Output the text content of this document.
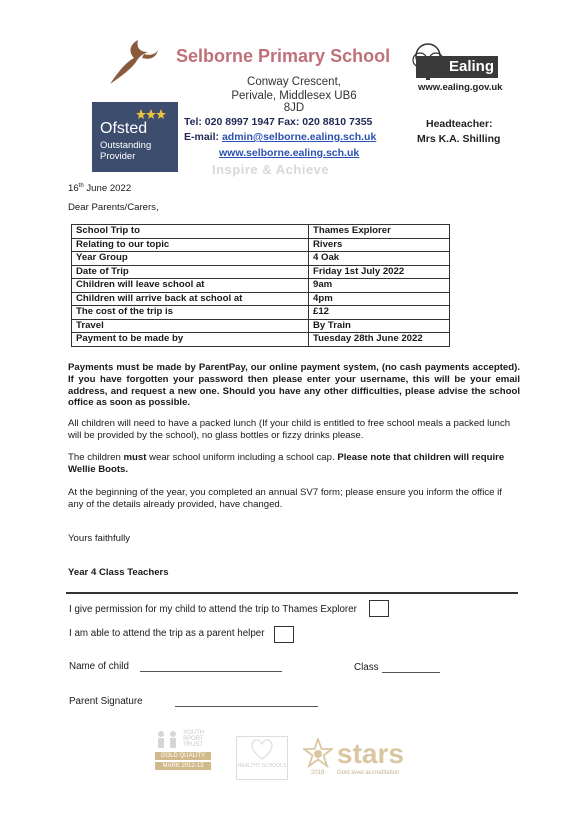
Selborne Primary School
Conway Crescent,
Perivale, Middlesex UB6 8JD
Ofsted
Outstanding
Provider
Tel: 020 8997 1947 Fax: 020 8810 7355
E-mail: admin@selborne.ealing.sch.uk
www.selborne.ealing.sch.uk
Inspire & Achieve
Ealing
www.ealing.gov.uk
Headteacher:
Mrs K.A. Shilling
16th June 2022
Dear Parents/Carers,
School Trip to	Thames Explorer
Relating to our topic	Rivers
Year Group	4 Oak
Date of Trip	Friday 1st July 2022
Children will leave school at	9am
Children will arrive back at school at	4pm
The cost of the trip is	£12
Travel	By Train
Payment to be made by	Tuesday 28th June 2022
Payments must be made by ParentPay, our online payment system, (no cash payments accepted). If you have forgotten your password then please enter your username, this will be your email address, and request a new one. Should you have any other difficulties, please advise the school office as soon as possible.
All children will need to have a packed lunch (If your child is entitled to free school meals a packed lunch will be provided by the school), no glass bottles or fizzy drinks please.
The children must wear school uniform including a school cap. Please note that children will require Wellie Boots.
At the beginning of the year, you completed an annual SV7 form; please ensure you inform the office if any of the details already provided, have changed.
Yours faithfully
Year 4 Class Teachers
I give permission for my child to attend the trip to Thames Explorer
I am able to attend the trip as a parent helper
Name of child	Class
Parent Signature
YOUTH
SPORT
TRUST
GOLD QUALITY
MARK 2012-13	HEALTHY SCHOOLS stars
2018 Gold level accreditation
